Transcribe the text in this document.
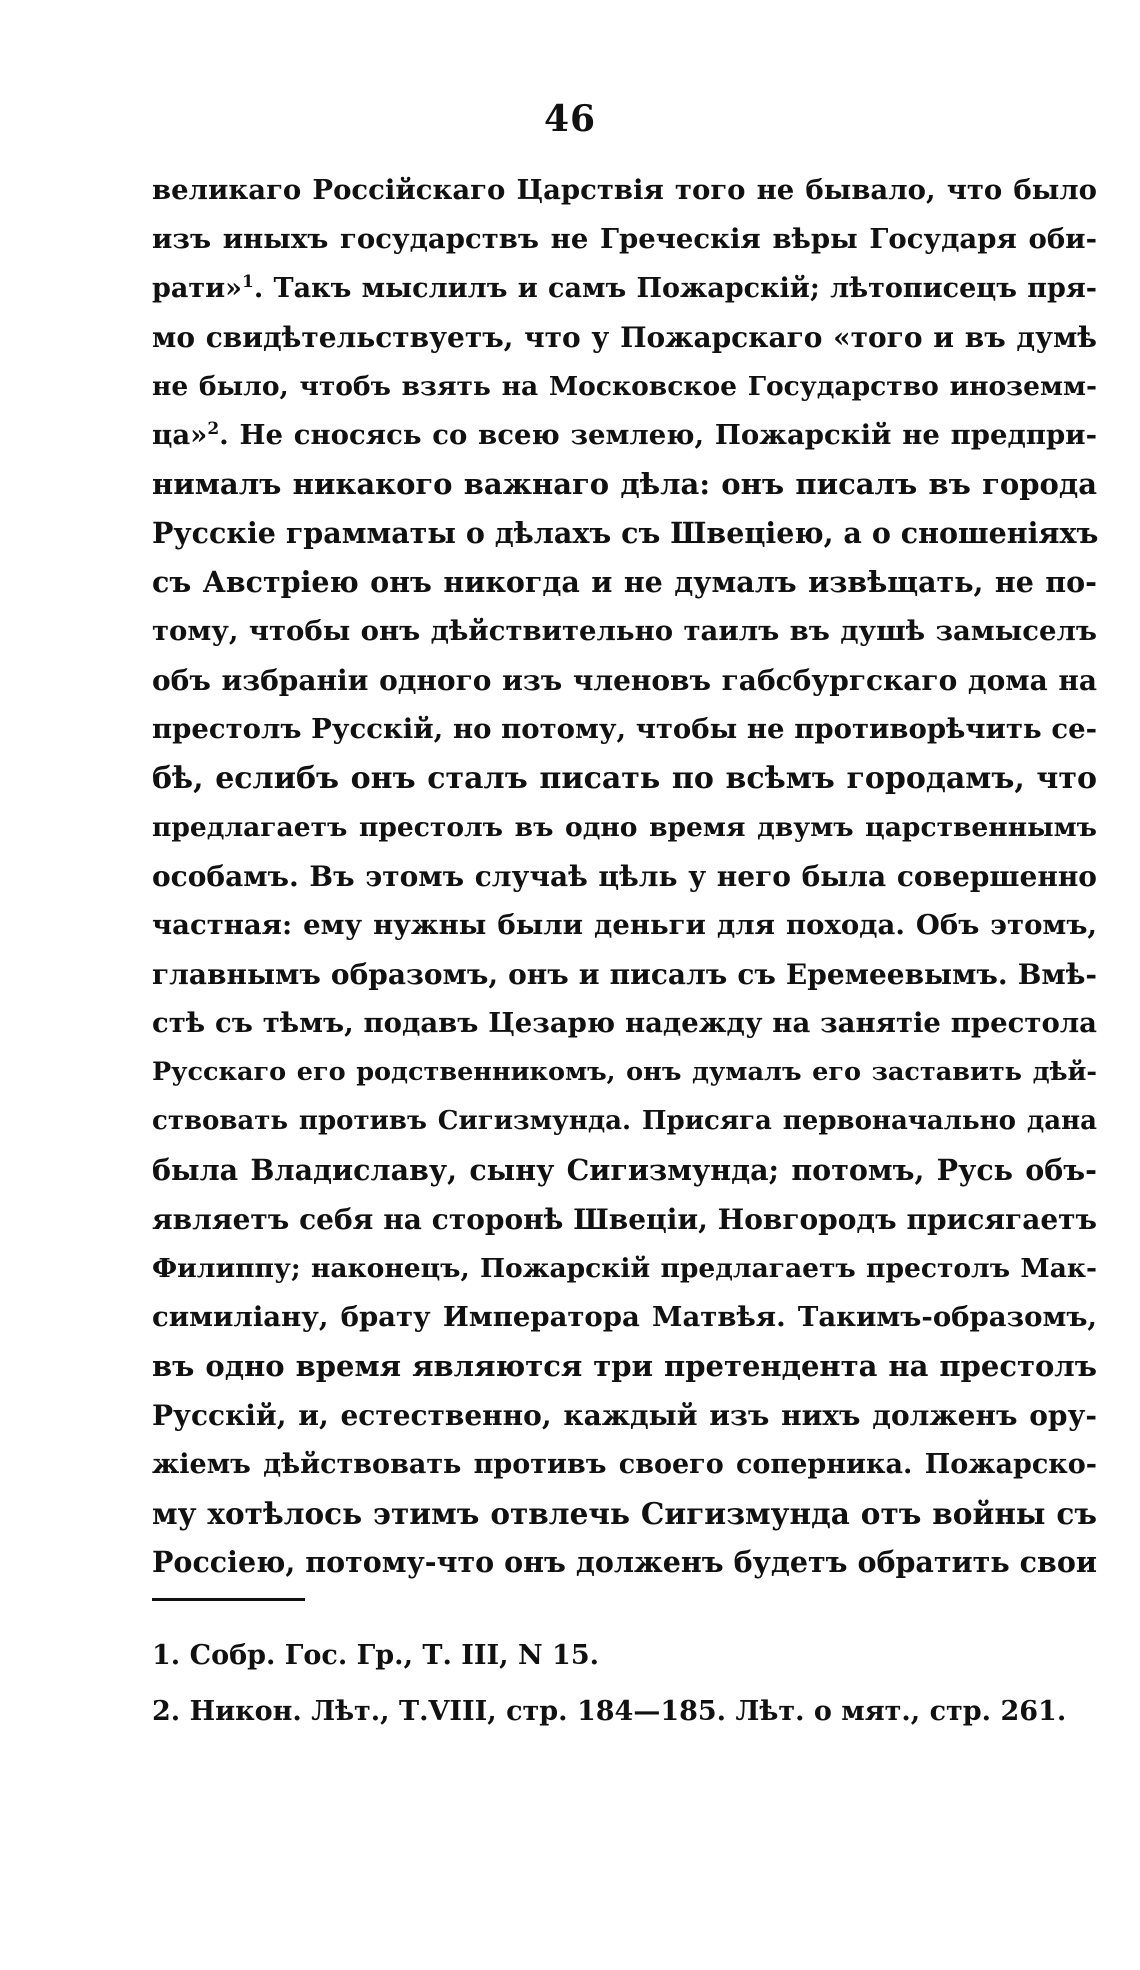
46
великаго Россійскаго Царствія того не бывало, что было
изъ иныхъ государствъ не Греческія вѣры Государя оби-
рати»$^1$. Такъ мыслилъ и самъ Пожарскій; лѣтописецъ пря-
мо свидѣтельствуетъ, что у Пожарскаго «того и въ думѣ
не было, чтобъ взять на Московское Государство иноземм-
ца»$^2$. Не сносясь со всею землею, Пожарскій не предпри-
нималъ никакого важнаго дѣла: онъ писалъ въ города
Русскіе грамматы о дѣлахъ съ Швеціею, а о сношеніяхъ
съ Австріею онъ никогда и не думалъ извѣщать, не по-
тому, чтобы онъ дѣйствительно таилъ въ душѣ замыселъ
объ избраніи одного изъ членовъ габсбургскаго дома на
престолъ Русскій, но потому, чтобы не противорѣчить се-
бѣ, еслибъ онъ сталъ писать по всѣмъ городамъ, что
предлагаетъ престолъ въ одно время двумъ царственнымъ
особамъ. Въ этомъ случаѣ цѣль у него была совершенно
частная: ему нужны были деньги для похода. Объ этомъ,
главнымъ образомъ, онъ и писалъ съ Еремеевымъ. Вмѣ-
стѣ съ тѣмъ, подавъ Цезарю надежду на занятіе престола
Русскаго его родственникомъ, онъ думалъ его заставить дѣй-
ствовать противъ Сигизмунда. Присяга первоначально дана
была Владиславу, сыну Сигизмунда; потомъ, Русь объ-
являетъ себя на сторонѣ Швеціи, Новгородъ присягаетъ
Филиппу; наконецъ, Пожарскій предлагаетъ престолъ Мак-
симиліану, брату Императора Матвѣя. Такимъ-образомъ,
въ одно время являются три претендента на престолъ
Русскій, и, естественно, каждый изъ нихъ долженъ ору-
жіемъ дѣйствовать противъ своего соперника. Пожарско-
му хотѣлось этимъ отвлечь Сигизмунда отъ войны съ
Россіею, потому-что онъ долженъ будетъ обратить свои
1. Собр. Гос. Гр., Т. III, N 15.
2. Никон. Лѣт., Т.VIII, стр. 184—185. Лѣт. о мят., стр. 261.
